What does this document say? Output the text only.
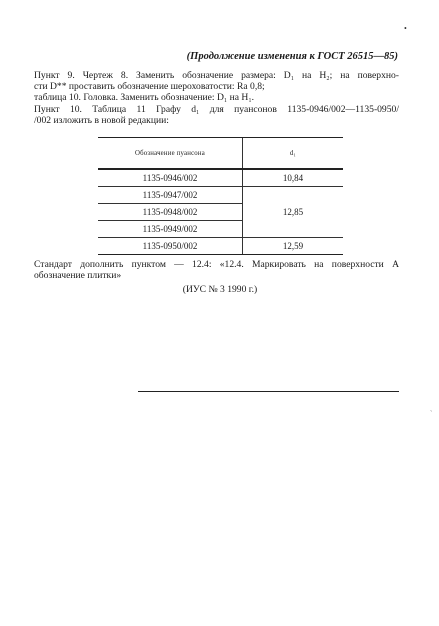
•
(Продолжение изменения к ГОСТ 26515—85)
Пункт 9. Чертеж 8. Заменить обозначение размера: D₁ на H₂; на поверхно-
сти D** проставить обозначение шероховатости: Ra 0,8;
таблица 10. Головка. Заменить обозначение: D₁ на H₁.
Пункт 10. Таблица 11 Графу d₁ для пуансонов 1135-0946/002—1135-0950/
/002 изложить в новой редакции:
Обозначение пуансона	d₁
1135-0946/002	10,84
1135-0947/002	12,85
1135-0948/002	
1135-0949/002	
1135-0950/002	12,59
Стандарт дополнить пунктом — 12.4: «12.4. Маркировать на поверхности А
обозначение плитки»
(ИУС № 3 1990 г.)
ˏ
